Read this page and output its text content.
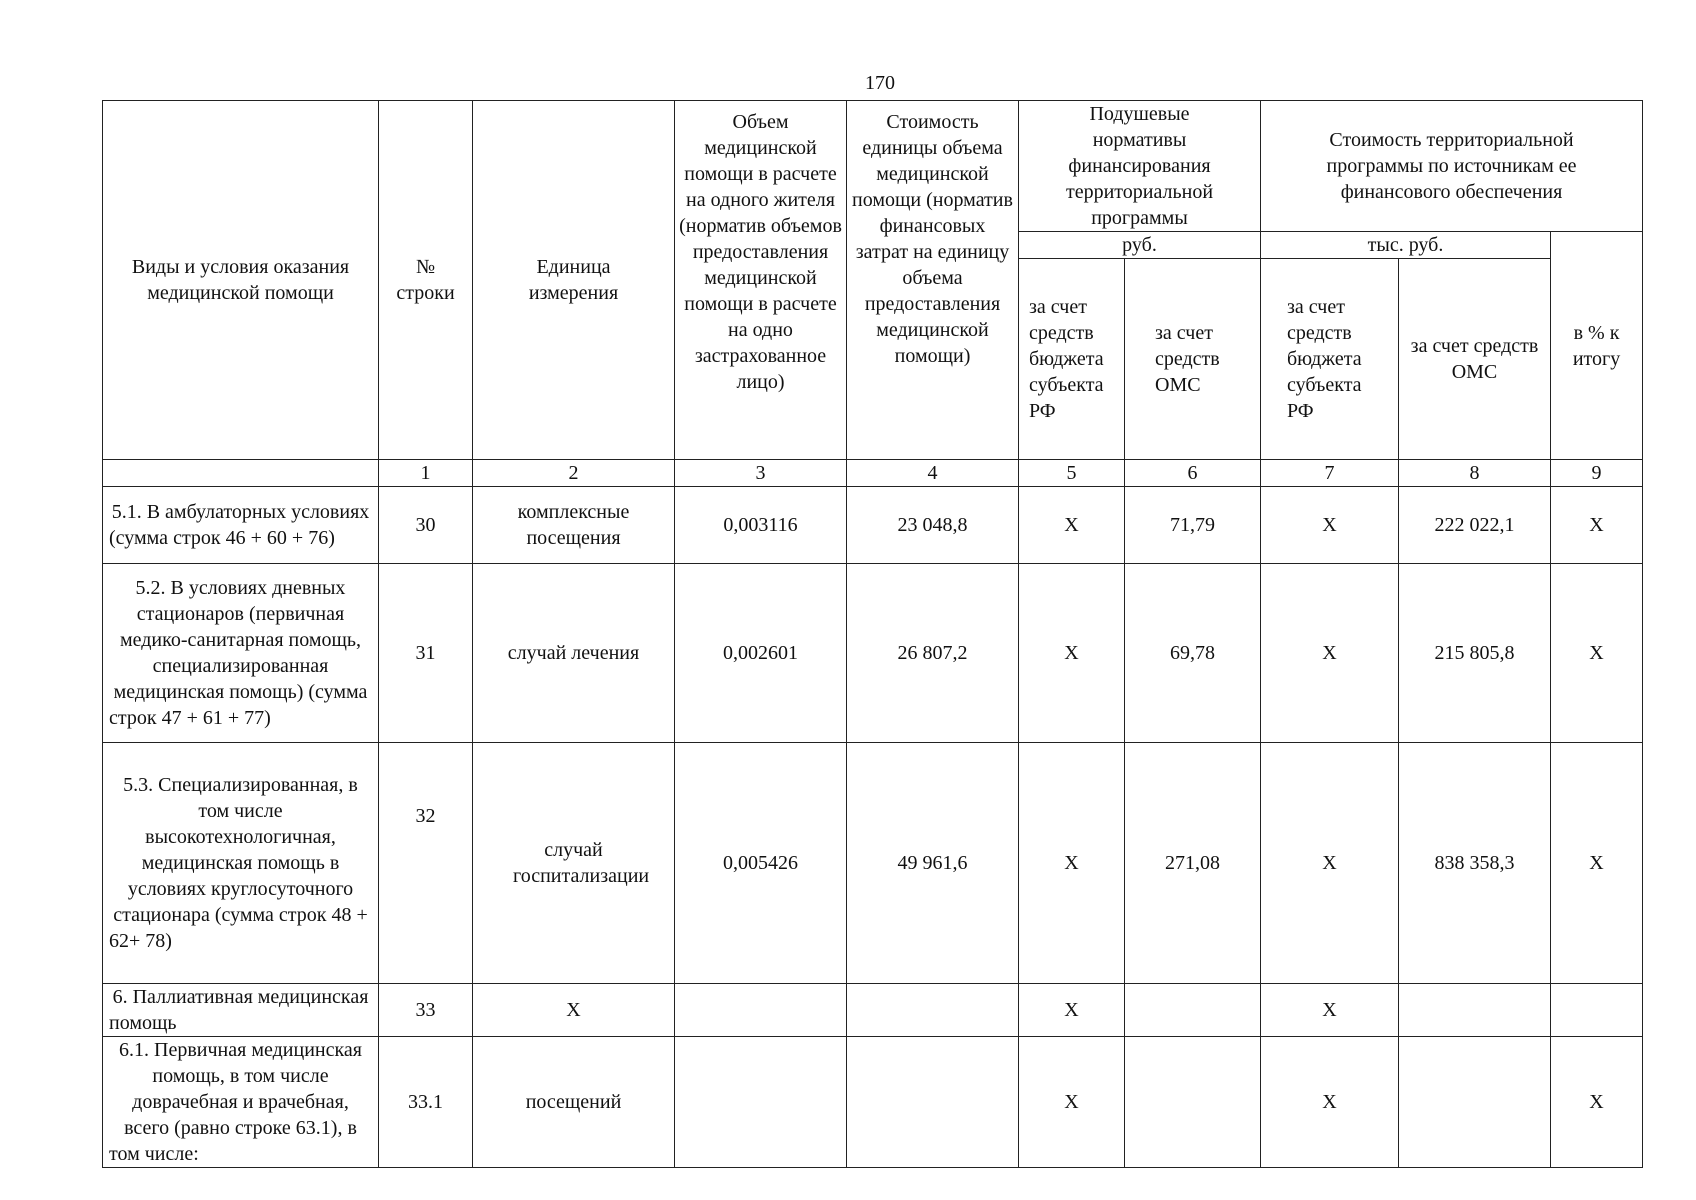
170
Виды и условия оказания медицинской помощи	№ строки	Единица измерения	Объем медицинской помощи в расчете на одного жителя (норматив объемов предоставления медицинской помощи в расчете на одно застрахованное лицо)	Стоимость единицы объема медицинской помощи (норматив финансовых затрат на единицу объема предоставления медицинской помощи)	Подушевые нормативы финансирования территориальной программы		Стоимость территориальной программы по источникам ее финансового обеспечения		
					руб.		тыс. руб.		в % к итогу
					за счет средств бюджета субъекта РФ	за счет средств ОМС	за счет средств бюджета субъекта РФ	за счет средств ОМС	
	1	2	3	4	5	6	7	8	9
5.1. В амбулаторных условиях (сумма строк 46 + 60 + 76)	30	комплексные посещения	0,003116	23 048,8	Х	71,79	Х	222 022,1	Х
5.2. В условиях дневных стационаров (первичная медико-санитарная помощь, специализированная медицинская помощь) (сумма строк 47 + 61 + 77)	31	случай лечения	0,002601	26 807,2	Х	69,78	Х	215 805,8	Х
5.3. Специализированная, в том числе высокотехнологичная, медицинская помощь в условиях круглосуточного стационара (сумма строк 48 + 62+ 78)	32	случай госпитализации	0,005426	49 961,6	Х	271,08	Х	838 358,3	Х
6. Паллиативная медицинская помощь	33	Х			Х		Х		
6.1. Первичная медицинская помощь, в том числе доврачебная и врачебная, всего (равно строке 63.1), в том числе:	33.1	посещений			Х		Х		Х
